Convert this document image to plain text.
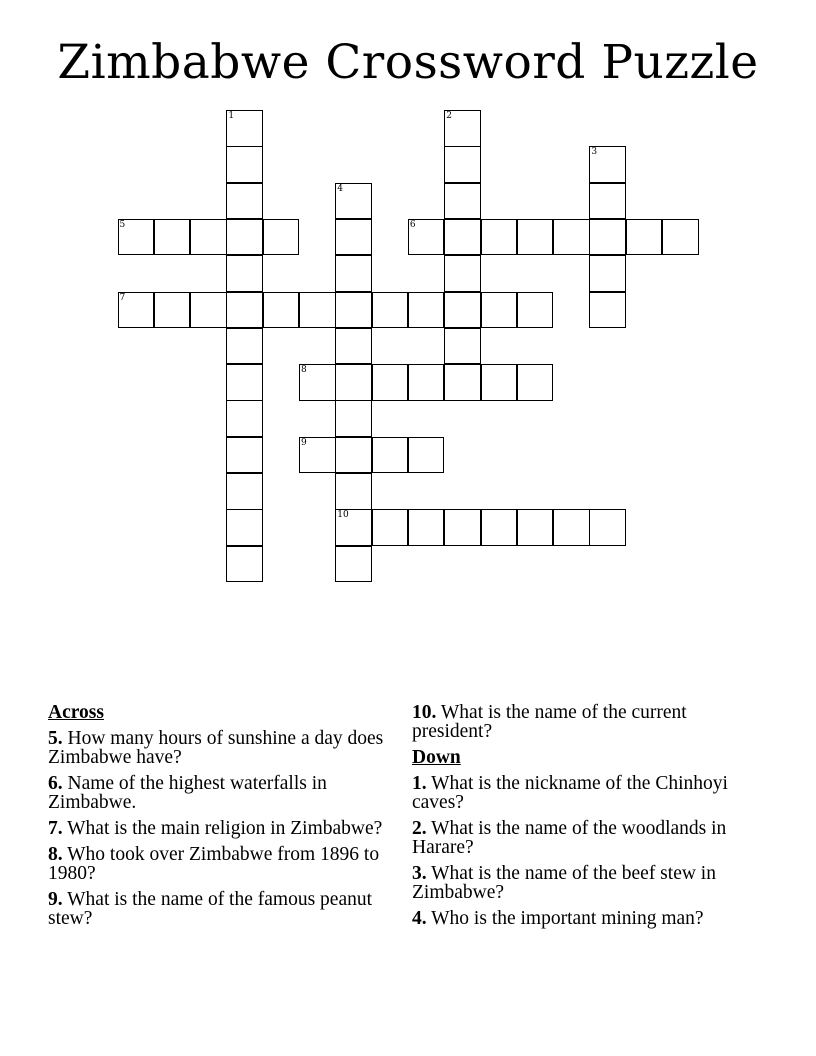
Zimbabwe Crossword Puzzle
1	2
3
4
10
5	6
7
8
9
Across
5. How many hours of sunshine a day does Zimbabwe have?
6. Name of the highest waterfalls in Zimbabwe.
7. What is the main religion in Zimbabwe?
8. Who took over Zimbabwe from 1896 to 1980?
9. What is the name of the famous peanut stew?
10. What is the name of the current president?
Down
1. What is the nickname of the Chinhoyi caves?
2. What is the name of the woodlands in Harare?
3. What is the name of the beef stew in Zimbabwe?
4. Who is the important mining man?
